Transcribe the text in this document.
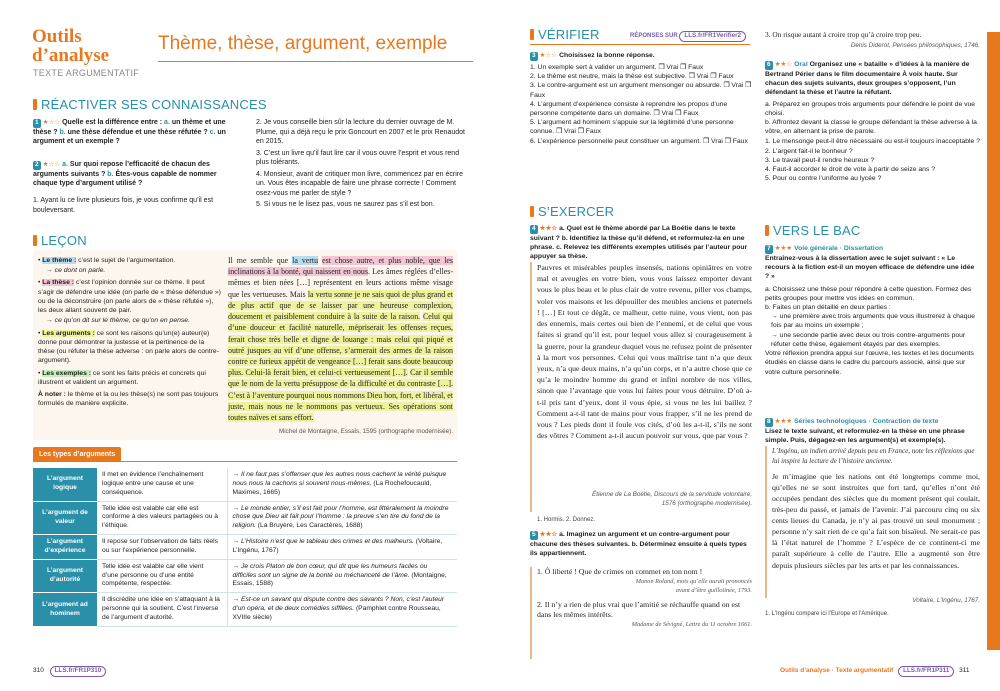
Outils
d’analyse
TEXTE ARGUMENTATIF
Thème, thèse, argument, exemple
RÉACTIVER SES CONNAISSANCES
1 ★☆☆ Quelle est la différence entre : a. un thème et une thèse ? b. une thèse défendue et une thèse réfutée ? c. un argument et un exemple ?
2 ★☆☆ a. Sur quoi repose l’efficacité de chacun des arguments suivants ? b. Êtes-vous capable de nommer chaque type d’argument utilisé ?
1. Ayant lu ce livre plusieurs fois, je vous confirme qu’il est bouleversant.
2. Je vous conseille bien sûr la lecture du dernier ouvrage de M. Plume, qui a déjà reçu le prix Goncourt en 2007 et le prix Renaudot en 2015.
3. C’est un livre qu’il faut lire car il vous ouvre l’esprit et vous rend plus tolérants.
4. Monsieur, avant de critiquer mon livre, commencez par en écrire un. Vous êtes incapable de faire une phrase correcte ! Comment osez-vous me parler de style ?
5. Si vous ne le lisez pas, vous ne saurez pas s’il est bon.
LEÇON
• Le thème : c’est le sujet de l’argumentation.
→ ce dont on parle.
• La thèse : c’est l’opinion donnée sur ce thème. Il peut s’agir de défendre une idée (on parle de « thèse défendue ») ou de la déconstruire (on parle alors de « thèse réfutée »), les deux allant souvent de pair.
→ ce qu’on dit sur le thème, ce qu’on en pense.
• Les arguments : ce sont les raisons qu’un(e) auteur(e) donne pour démontrer la justesse et la pertinence de la thèse (ou réfuter la thèse adverse : on parle alors de contre-argument).
• Les exemples : ce sont les faits précis et concrets qui illustrent et valident un argument.
À noter : le thème et la ou les thèse(s) ne sont pas toujours formulés de manière explicite.
Il me semble que la vertu est chose autre, et plus noble, que les inclinations à la bonté, qui naissent en nous. Les âmes réglées d’elles-mêmes et bien nées […] représentent en leurs actions même visage que les vertueuses. Mais la vertu sonne je ne sais quoi de plus grand et de plus actif que de se laisser par une heureuse complexion, doucement et paisiblement conduire à la suite de la raison. Celui qui d’une douceur et facilité naturelle, mépriserait les offenses reçues, ferait chose très belle et digne de louange : mais celui qui piqué et outré jusques au vif d’une offense, s’armerait des armes de la raison contre ce furieux appétit de vengeance […] ferait sans doute beaucoup plus. Celui-là ferait bien, et celui-ci vertueusement […]. Car il semble que le nom de la vertu présuppose de la difficulté et du contraste […]. C’est à l’aventure pourquoi nous nommons Dieu bon, fort, et libéral, et juste, mais nous ne le nommons pas vertueux. Ses opérations sont toutes naïves et sans effort.
Michel de Montaigne, Essais, 1595 (orthographe modernisée).
Les types d’arguments
L’argument logique	Il met en évidence l’enchaînement logique entre une cause et une conséquence.	→ Il ne faut pas s’offenser que les autres nous cachent la vérité puisque nous nous la cachons si souvent nous-mêmes. (La Rochefoucauld, Maximes, 1665)
L’argument de valeur	Telle idée est valable car elle est conforme à des valeurs partagées ou à l’éthique.	→ Le monde entier, s’il est fait pour l’homme, est littéralement la moindre chose que Dieu ait fait pour l’homme : la preuve s’en tire du fond de la religion. (La Bruyère, Les Caractères, 1688)
L’argument d’expérience	Il repose sur l’observation de faits réels ou sur l’expérience personnelle.	→ L’Histoire n’est que le tableau des crimes et des malheurs. (Voltaire, L’Ingénu, 1767)
L’argument d’autorité	Telle idée est valable car elle vient d’une personne ou d’une entité compétente, respectée.	→ Je crois Platon de bon cœur, qui dit que les humeurs faciles ou difficiles sont un signe de la bonté ou méchanceté de l’âme. (Montaigne, Essais, 1588)
L’argument ad hominem	Il discrédite une idée en s’attaquant à la personne qui la soutient. C’est l’inverse de l’argument d’autorité.	→ Est-ce un savant qui dispute contre des savants ? Non, c’est l’auteur d’un opéra, et de deux comédies sifflées. (Pamphlet contre Rousseau, XVIIIe siècle)
310 LLS.fr/FR1P310
VÉRIFIER	RÉPONSES SUR LLS.fr/FR1Verifier2
3 ★☆☆ Choisissez la bonne réponse.
1. Un exemple sert à valider un argument. ❒ Vrai ❒ Faux
2. Le thème est neutre, mais la thèse est subjective. ❒ Vrai ❒ Faux
3. Le contre-argument est un argument mensonger ou absurde. ❒ Vrai ❒ Faux
4. L’argument d’expérience consiste à reprendre les propos d’une personne compétente dans un domaine. ❒ Vrai ❒ Faux
5. L’argument ad hominem s’appuie sur la légitimité d’une personne connue. ❒ Vrai ❒ Faux
6. L’expérience personnelle peut constituer un argument. ❒ Vrai ❒ Faux
S’EXERCER
4 ★★☆ a. Quel est le thème abordé par La Boétie dans le texte suivant ? b. Identifiez la thèse qu’il défend, et reformulez-la en une phrase. c. Relevez les différents exemples utilisés par l’auteur pour appuyer sa thèse.
Pauvres et misérables peuples insensés, nations opiniâtres en votre mal et aveugles en votre bien, vous vous laissez emporter devant vous le plus beau et le plus clair de votre revenu, piller vos champs, voler vos maisons et les dépouiller des meubles anciens et paternels ! […] Et tout ce dégât, ce malheur, cette ruine, vous vient, non pas des ennemis, mais certes oui bien de l’ennemi, et de celui que vous faites si grand qu’il est, pour lequel vous allez si courageusement à la guerre, pour la grandeur duquel vous ne refusez point de présenter à la mort vos personnes. Celui qui vous maîtrise tant n’a que deux yeux, n’a que deux mains, n’a qu’un corps, et n’a autre chose que ce qu’a le moindre homme du grand et infini nombre de nos villes, sinon que l’avantage que vous lui faites pour vous détruire. D’où a-t-il pris tant d’yeux, dont il vous épie, si vous ne les lui baillez ? Comment a-t-il tant de mains pour vous frapper, s’il ne les prend de vous ? Les pieds dont il foule vos cités, d’où les a-t-il, s’ils ne sont des vôtres ? Comment a-t-il aucun pouvoir sur vous, que par vous ?
Étienne de La Boétie, Discours de la servitude volontaire,
1576 (orthographe modernisée).
1. Hormis. 2. Donnez.
5 ★★☆ a. Imaginez un argument et un contre-argument pour chacune des thèses suivantes. b. Déterminez ensuite à quels types ils appartiennent.
1. Ô liberté ! Que de crimes on commet en ton nom !
Manon Roland, mots qu’elle aurait prononcés
avant d’être guillotinée, 1793.
2. Il n’y a rien de plus vrai que l’amitié se réchauffe quand on est dans les mêmes intérêts.
Madame de Sévigné, Lettre du 11 octobre 1661.
3. On risque autant à croire trop qu’à croire trop peu.
Denis Diderot, Pensées philosophiques, 1746.
6 ★★☆ Oral Organisez une « bataille » d’idées à la manière de Bertrand Périer dans le film documentaire À voix haute. Sur chacun des sujets suivants, deux groupes s’opposent, l’un défendant la thèse et l’autre la réfutant.
a. Préparez en groupes trois arguments pour défendre le point de vue choisi.
b. Affrontez devant la classe le groupe défendant la thèse adverse à la vôtre, en alternant la prise de parole.
1. Le mensonge peut-il être nécessaire ou est-il toujours inacceptable ?
2. L’argent fait-il le bonheur ?
3. Le travail peut-il rendre heureux ?
4. Faut-il accorder le droit de vote à partir de seize ans ?
5. Pour ou contre l’uniforme au lycée ?
VERS LE BAC
7 ★★★ Voie générale · Dissertation
Entraînez-vous à la dissertation avec le sujet suivant : « Le recours à la fiction est-il un moyen efficace de défendre une idée ? »
a. Choisissez une thèse pour répondre à cette question. Formez des petits groupes pour mettre vos idées en commun.
b. Faites un plan détaillé en deux parties :
→ une première avec trois arguments que vous illustrerez à chaque fois par au moins un exemple ;
→ une seconde partie avec deux ou trois contre-arguments pour réfuter cette thèse, également étayés par des exemples.
Votre réflexion prendra appui sur l’œuvre, les textes et les documents étudiés en classe dans le cadre du parcours associé, ainsi que sur votre culture personnelle.
8 ★★★ Séries technologiques · Contraction de texte
Lisez le texte suivant, et reformulez-en la thèse en une phrase simple. Puis, dégagez-en les argument(s) et exemple(s).
L’Ingénu, un indien arrivé depuis peu en France, note les réflexions que lui inspire la lecture de l’histoire ancienne.
Je m’imagine que les nations ont été longtemps comme moi, qu’elles ne se sont instruites que fort tard, qu’elles n’ont été occupées pendant des siècles que du moment présent qui coulait, très-peu du passé, et jamais de l’avenir. J’ai parcouru cinq ou six cents lieues du Canada, je n’y ai pas trouvé un seul monument ; personne n’y sait rien de ce qu’a fait son bisaïeul. Ne serait-ce pas là l’état naturel de l’homme ? L’espèce de ce continent-ci me paraît supérieure à celle de l’autre. Elle a augmenté son être depuis plusieurs siècles par les arts et par les connaissances.
Voltaire, L’Ingénu, 1767.
1. L’Ingénu compare ici l’Europe et l’Amérique.
Outils d’analyse · Texte argumentatif LLS.fr/FR1P311 311
